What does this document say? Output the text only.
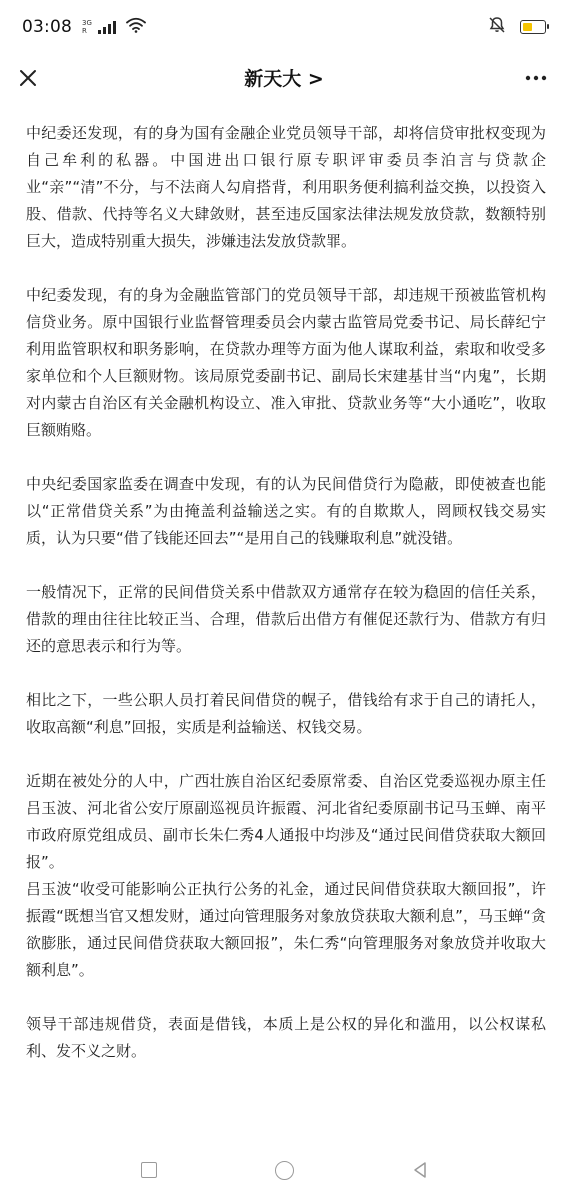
03:08 3G
R
新天大 >

中纪委还发现，有的身为国有金融企业党员领导干部，却将信贷审批权变现为自己牟利的私器。中国进出口银行原专职评审委员李泊言与贷款企业“亲”“清”不分，与不法商人勾肩搭背，利用职务便利搞利益交换，以投资入股、借款、代持等名义大肆敛财，甚至违反国家法律法规发放贷款，数额特别巨大，造成特别重大损失，涉嫌违法发放贷款罪。

中纪委发现，有的身为金融监管部门的党员领导干部，却违规干预被监管机构信贷业务。原中国银行业监督管理委员会内蒙古监管局党委书记、局长薛纪宁利用监管职权和职务影响，在贷款办理等方面为他人谋取利益，索取和收受多家单位和个人巨额财物。该局原党委副书记、副局长宋建基甘当“内鬼”，长期对内蒙古自治区有关金融机构设立、准入审批、贷款业务等“大小通吃”，收取巨额贿赂。

中央纪委国家监委在调查中发现，有的认为民间借贷行为隐蔽，即使被查也能以“正常借贷关系”为由掩盖利益输送之实。有的自欺欺人，罔顾权钱交易实质，认为只要“借了钱能还回去”“是用自己的钱赚取利息”就没错。

一般情况下，正常的民间借贷关系中借款双方通常存在较为稳固的信任关系，借款的理由往往比较正当、合理，借款后出借方有催促还款行为、借款方有归还的意思表示和行为等。

相比之下，一些公职人员打着民间借贷的幌子，借钱给有求于自己的请托人，收取高额“利息”回报，实质是利益输送、权钱交易。

近期在被处分的人中，广西壮族自治区纪委原常委、自治区党委巡视办原主任吕玉波、河北省公安厅原副巡视员许振霞、河北省纪委原副书记马玉蝉、南平市政府原党组成员、副市长朱仁秀4人通报中均涉及“通过民间借贷获取大额回报”。

吕玉波“收受可能影响公正执行公务的礼金，通过民间借贷获取大额回报”，许振霞“既想当官又想发财，通过向管理服务对象放贷获取大额利息”，马玉蝉“贪欲膨胀，通过民间借贷获取大额回报”，朱仁秀“向管理服务对象放贷并收取大额利息”。

领导干部违规借贷，表面是借钱，本质上是公权的异化和滥用，以公权谋私利、发不义之财。
